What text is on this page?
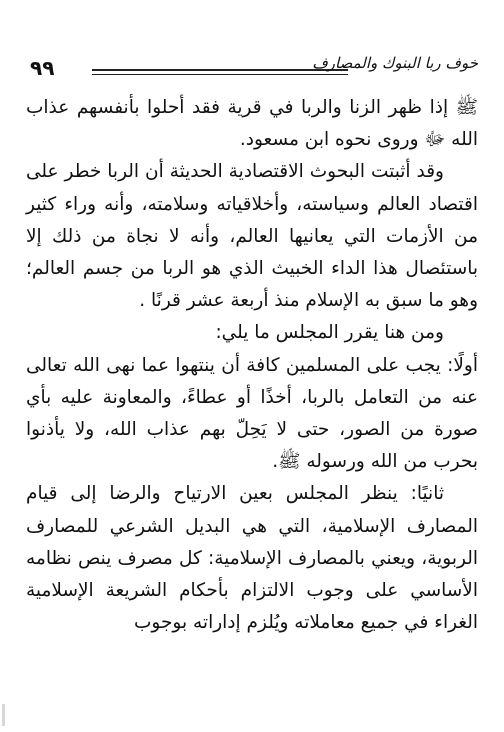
٩٩	خوف ربا البنوك والمصارف

ﷺ إذا ظهر الزنا والربا في قرية فقد أحلوا بأنفسهم عذاب الله ﷻ وروى نحوه ابن مسعود.

وقد أثبتت البحوث الاقتصادية الحديثة أن الربا خطر على اقتصاد العالم وسياسته، وأخلاقياته وسلامته، وأنه وراء كثير من الأزمات التي يعانيها العالم، وأنه لا نجاة من ذلك إلا باستئصال هذا الداء الخبيث الذي هو الربا من جسم العالم؛ وهو ما سبق به الإسلام منذ أربعة عشر قرنًا .

ومن هنا يقرر المجلس ما يلي:

أولًا: يجب على المسلمين كافة أن ينتهوا عما نهى الله تعالى عنه من التعامل بالربا، أخذًا أو عطاءً، والمعاونة عليه بأي صورة من الصور، حتى لا يَحِلّ بهم عذاب الله، ولا يأذنوا بحرب من الله ورسوله ﷺ.

ثانيًا: ينظر المجلس بعين الارتياح والرضا إلى قيام المصارف الإسلامية، التي هي البديل الشرعي للمصارف الربوية، ويعني بالمصارف الإسلامية: كل مصرف ينص نظامه الأساسي على وجوب الالتزام بأحكام الشريعة الإسلامية الغراء في جميع معاملاته ويُلزم إداراته بوجوب
